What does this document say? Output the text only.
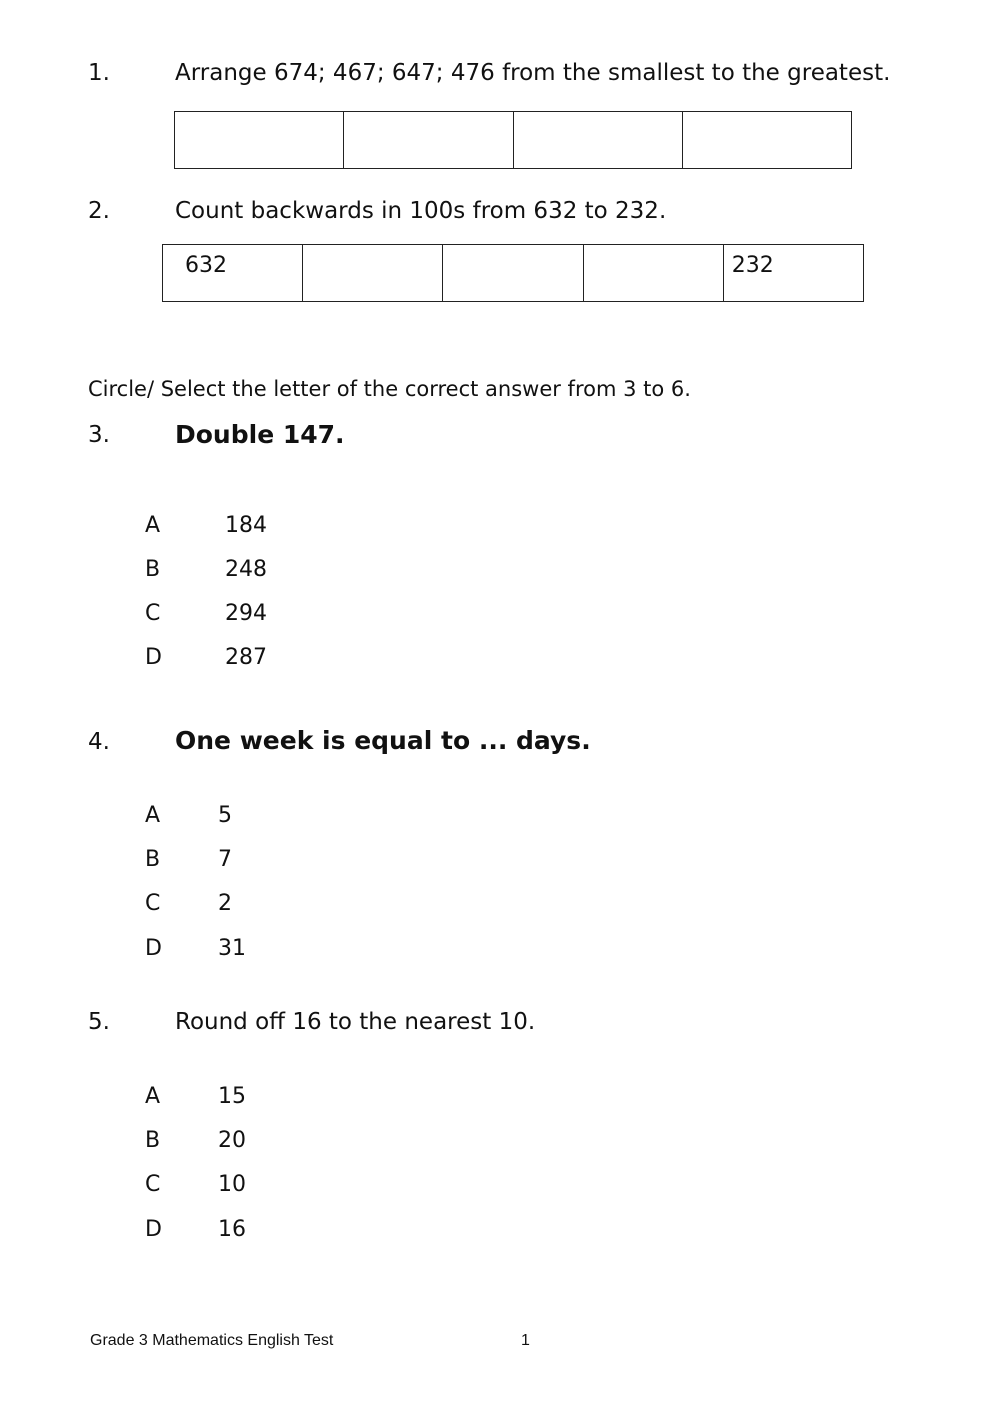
1.	Arrange 674; 467; 647; 476 from the smallest to the greatest.

2.	Count backwards in 100s from 632 to 232.
632				232
Circle/ Select the letter of the correct answer from 3 to 6.
3.	Double 147.
A	184
B	248
C	294
D	287
4.	One week is equal to ... days.
A	5
B	7
C	2
D	31
5.	Round off 16 to the nearest 10.
A	15
B	20
C	10
D	16
Grade 3 Mathematics English Test	1
